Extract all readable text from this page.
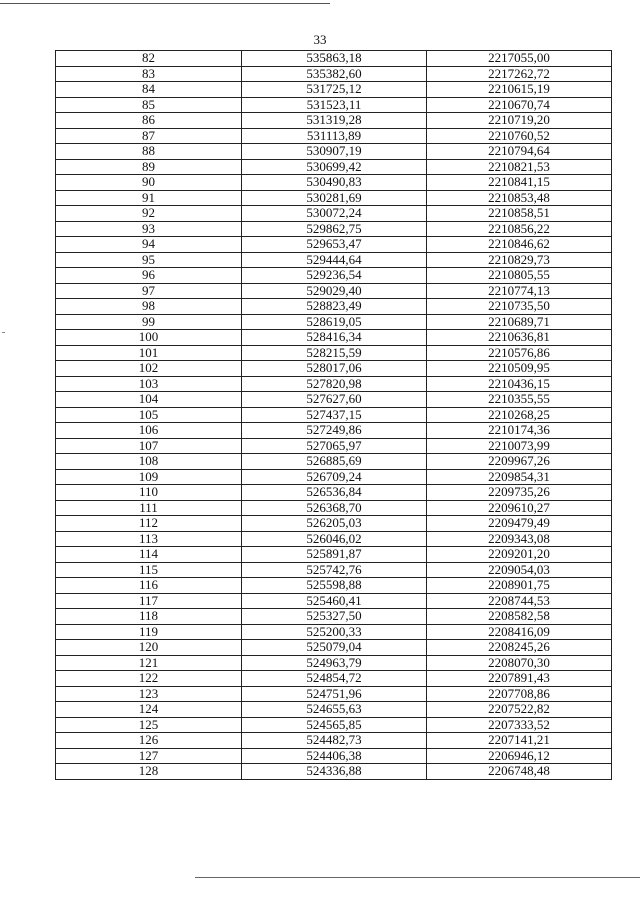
33
82	535863,18	2217055,00
83	535382,60	2217262,72
84	531725,12	2210615,19
85	531523,11	2210670,74
86	531319,28	2210719,20
87	531113,89	2210760,52
88	530907,19	2210794,64
89	530699,42	2210821,53
90	530490,83	2210841,15
91	530281,69	2210853,48
92	530072,24	2210858,51
93	529862,75	2210856,22
94	529653,47	2210846,62
95	529444,64	2210829,73
96	529236,54	2210805,55
97	529029,40	2210774,13
98	528823,49	2210735,50
99	528619,05	2210689,71
100	528416,34	2210636,81
101	528215,59	2210576,86
102	528017,06	2210509,95
103	527820,98	2210436,15
104	527627,60	2210355,55
105	527437,15	2210268,25
106	527249,86	2210174,36
107	527065,97	2210073,99
108	526885,69	2209967,26
109	526709,24	2209854,31
110	526536,84	2209735,26
111	526368,70	2209610,27
112	526205,03	2209479,49
113	526046,02	2209343,08
114	525891,87	2209201,20
115	525742,76	2209054,03
116	525598,88	2208901,75
117	525460,41	2208744,53
118	525327,50	2208582,58
119	525200,33	2208416,09
120	525079,04	2208245,26
121	524963,79	2208070,30
122	524854,72	2207891,43
123	524751,96	2207708,86
124	524655,63	2207522,82
125	524565,85	2207333,52
126	524482,73	2207141,21
127	524406,38	2206946,12
128	524336,88	2206748,48
